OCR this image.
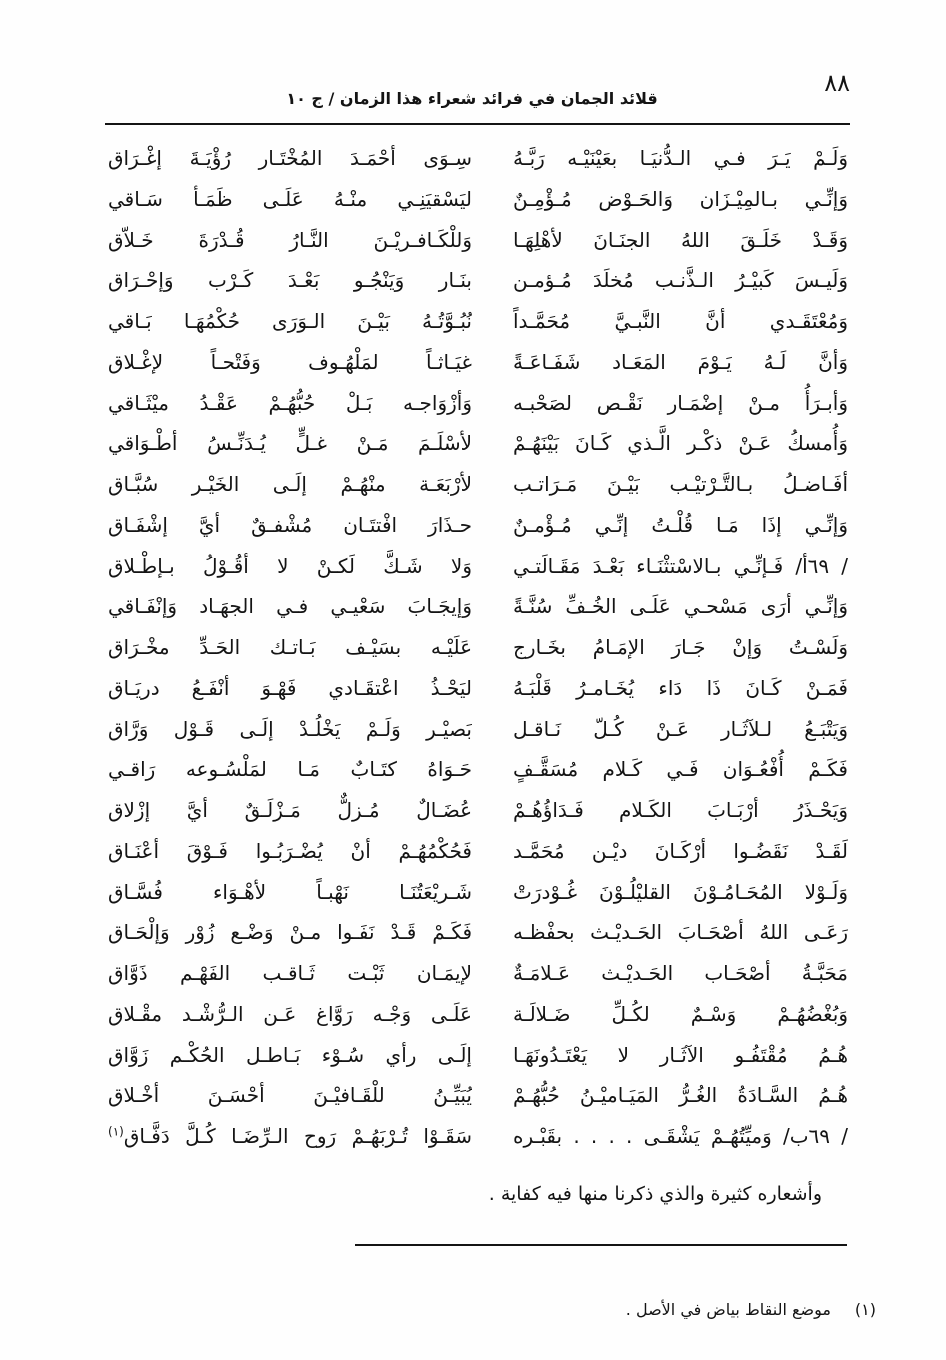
٨٨
قلائد الجمان في فرائد شعراء هذا الزمان / ج ١٠
وَلَـمْ يَـرَ فـي الـدُّنيَـا بعَيْنَيْـه رَبَّـهُ
سِـوَى أحْمَـدَ المُخْتَـار رُؤْيَـةَ إغْـرَاق
وَإنِّـي بـالمِيْـزَان وَالحَـوْض مُـؤْمِـنٌ
ليَسْقيَنِـي منْـهُ عَلَـى ظَمَـأ سَـاقي
وَقَـدْ خَلَـقَ اللهُ الجنَـانَ لأهْلِهَـا
وَللْكَـافـريْـنَ النَّـارُ قُـدْرَةَ خَـلاّق
وَلَيـسَ كَبيْـرُ الـذَّنـب مُخلَدَ مُـؤمـن
بنَـار وَيَنْجُـو بَعْـدَ كَـرْب وَإحْـرَاق
وَمُعْتَقَـدي أنَّ النَّبـيَّ مُحَمَّـداً
نُبُـوَّتُـهُ بَيْـنَ الـوَرَى حُكْمُهَـا بَـاقي
وَأنَّ لَـهُ يَـوْمَ المَعَـاد شَفَـاعَـةً
غيَـاثـاً لمَلْهُـوف وَفَتْحـاً لإغْـلاق
وَأبـرَأُ مـنْ إضْمَـار نَقْـص لصَحْبـه
وَأزْوَاجـه بَـلْ حُبُّهُـمْ عَقْـدُ ميْثَـاقي
وَأُمسكُ عَـنْ ذكْـر الَّـذي كَـانَ بَيْنَهُـمْ
لأسْلَـمَ مَـنْ غـلٍّ يُـدَنِّـسُ أطْـوَاقي
أفَـاضـلُ بـالتَّـرْتيْـب بَيْـنَ مَـرَاتـب
لأرْبَعَـة منْهُـمْ إلَـى الخَيْـر سُبَّـاق
وَإنِّـي إذَا مَـا قُلْـتُ إنِّـي مُـؤْمـنٌ
حـذَارَ افْتتَـان مُشْفـقٌ أيَّ إشْفَـاق
/ ٦٩أ/ فَـإنِّـي بـالاسْتثْنَـاء بَعْـدَ مَقَـالَتـي
وَلا شَـكَّ لَكـنْ لا أقُـوْلُ بـإطْـلاق
وَإنِّـي أرَى مَسْحـي عَلَـى الخُـفِّ سُنَّـةً
وَإيجَـابَ سَعْيـي فـي الجهَـاد وَإنْفَـاقي
وَلَسْـتُ وَإنْ جَـارَ الإمَـامُ بخَـارج
عَلَيْـه بسَيْـف بَـاتـك الحَـدِّ مخْـرَاق
فَمَـنْ كَـانَ ذَا دَاء يُخَـامـرُ قَلْبَـهُ
ليَحْـذُ اعْتقَـادي فَهْـوَ أنْفَـعُ دريَـاق
وَيَتْبَـعُ لـلآثَـار عَـنْ كُـلّ نَـاقـل
بَصيْـر وَلَـمْ يَخْلُـدْ إلَـى قَـوْل وَرَّاق
فَكَـمْ أُفْعُـوَان فَـي كَـلام مُسَقَّـفٍ
حَـوَاهُ كتَـابٌ مَـا لمَلْسُـوعه رَاقـي
وَيَحْـذَرُ أرْبَـابَ الكَـلام فَـدَاؤُهُـمْ
عُضَـالٌ مُـزلٌّ مَـزْلَـقٌ أيَّ إزْلاق
لَقَـدْ نَقَضُـوا أرْكَـانَ ديْـن مُحَمَّـد
فَحُكْمُهُـمْ أنْ يُضْـرَبُـوا فَـوْقَ أعْنَـاق
وَلَـوْلا المُحَـامُـوْنَ القليْلُـوْنَ غُـوْدرَتْ
شَـريْعَتُنَـا نَهْبـاً لأهْـوَاء فُسَّـاق
رَعَـى اللهُ أصْحَـابَ الحَـديْـث بحفْظـه
فَكَـمْ قَـدْ نَفَـوا مـنْ وَضْـع زُوْر وَإلْحَـاق
مَحَبَّـةُ أصْحَـاب الحَـديْـث عَـلامَـةٌ
لإيمَـان ثَبْـت ثَـاقـب الفَهْـم ذَوَّاق
وَبُغْضُهُـمْ وَسْـمٌ لكُـلِّ ضَـلالَـة
عَلَـى وَجْـه رَوَّاغ عَـن الـرُّشْـد مقْـلاق
هُـمُ مُقْتَفُـو الآثَـار لا يَعْتَـدُونَهَـا
إلَـى رأي سُـوْء بَـاطـل الحُكْـم زَوَّاق
هُـمُ السَّـادَةُ الغُـرُّ المَيَـاميْـنُ حُبُّهُـمْ
يُبَيِّـنُ للْقَـافيْـنَ أحْسَـنَ أخْـلاق
/ ٦٩ب/ وَميِّتُهُـمْ يَشْقَـى . . . . بقَبْـره
سَقَـوْا تُـرْبَهُـمْ رَوح الـرِّضَـا كُـلَّ دَفَّـاق$^{(١)}$
وأشعاره كثيرة والذي ذكرنا منها فيه كفاية .
(١)
موضع النقاط بياض في الأصل .
